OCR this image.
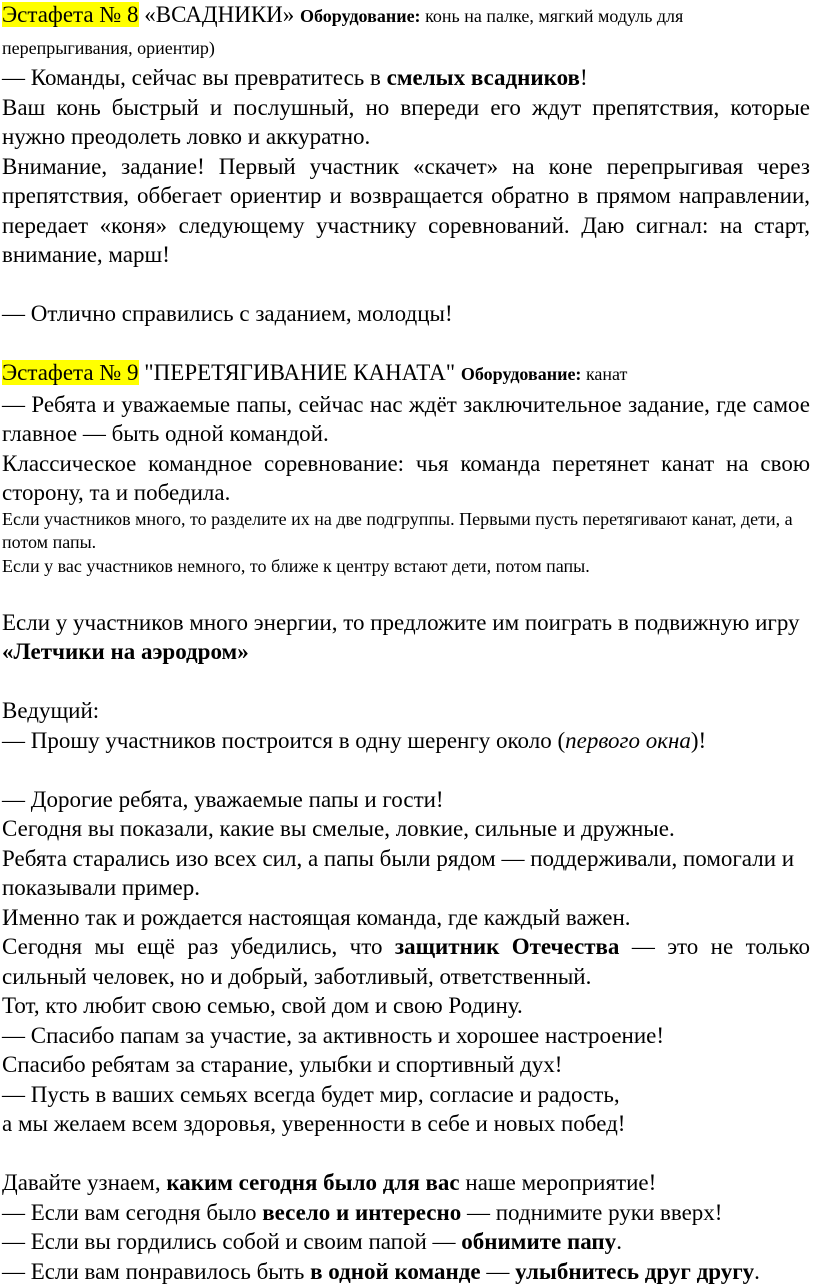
Эстафета № 8 «ВСАДНИКИ» Оборудование: конь на палке, мягкий модуль для перепрыгивания, ориентир)

— Команды, сейчас вы превратитесь в смелых всадников!

Ваш конь быстрый и послушный, но впереди его ждут препятствия, которые нужно преодолеть ловко и аккуратно.

Внимание, задание! Первый участник «скачет» на коне перепрыгивая через препятствия, оббегает ориентир и возвращается обратно в прямом направлении, передает «коня» следующему участнику соревнований. Даю сигнал: на старт, внимание, марш!

— Отлично справились с заданием, молодцы!

Эстафета № 9 "ПЕРЕТЯГИВАНИЕ КАНАТА" Оборудование: канат

— Ребята и уважаемые папы, сейчас нас ждёт заключительное задание, где самое главное — быть одной командой.

Классическое командное соревнование: чья команда перетянет канат на свою сторону, та и победила.

Если участников много, то разделите их на две подгруппы. Первыми пусть перетягивают канат, дети, а потом папы.

Если у вас участников немного, то ближе к центру встают дети, потом папы.

Если у участников много энергии, то предложите им поиграть в подвижную игру «Летчики на аэродром»

Ведущий:

— Прошу участников построится в одну шеренгу около (первого окна)!

— Дорогие ребята, уважаемые папы и гости!

Сегодня вы показали, какие вы смелые, ловкие, сильные и дружные.

Ребята старались изо всех сил, а папы были рядом — поддерживали, помогали и показывали пример.

Именно так и рождается настоящая команда, где каждый важен.

Сегодня мы ещё раз убедились, что защитник Отечества — это не только сильный человек, но и добрый, заботливый, ответственный.

Тот, кто любит свою семью, свой дом и свою Родину.

— Спасибо папам за участие, за активность и хорошее настроение!

Спасибо ребятам за старание, улыбки и спортивный дух!

— Пусть в ваших семьях всегда будет мир, согласие и радость,

а мы желаем всем здоровья, уверенности в себе и новых побед!

Давайте узнаем, каким сегодня было для вас наше мероприятие!

— Если вам сегодня было весело и интересно — поднимите руки вверх!

— Если вы гордились собой и своим папой — обнимите папу.

— Если вам понравилось быть в одной команде — улыбнитесь друг другу.
